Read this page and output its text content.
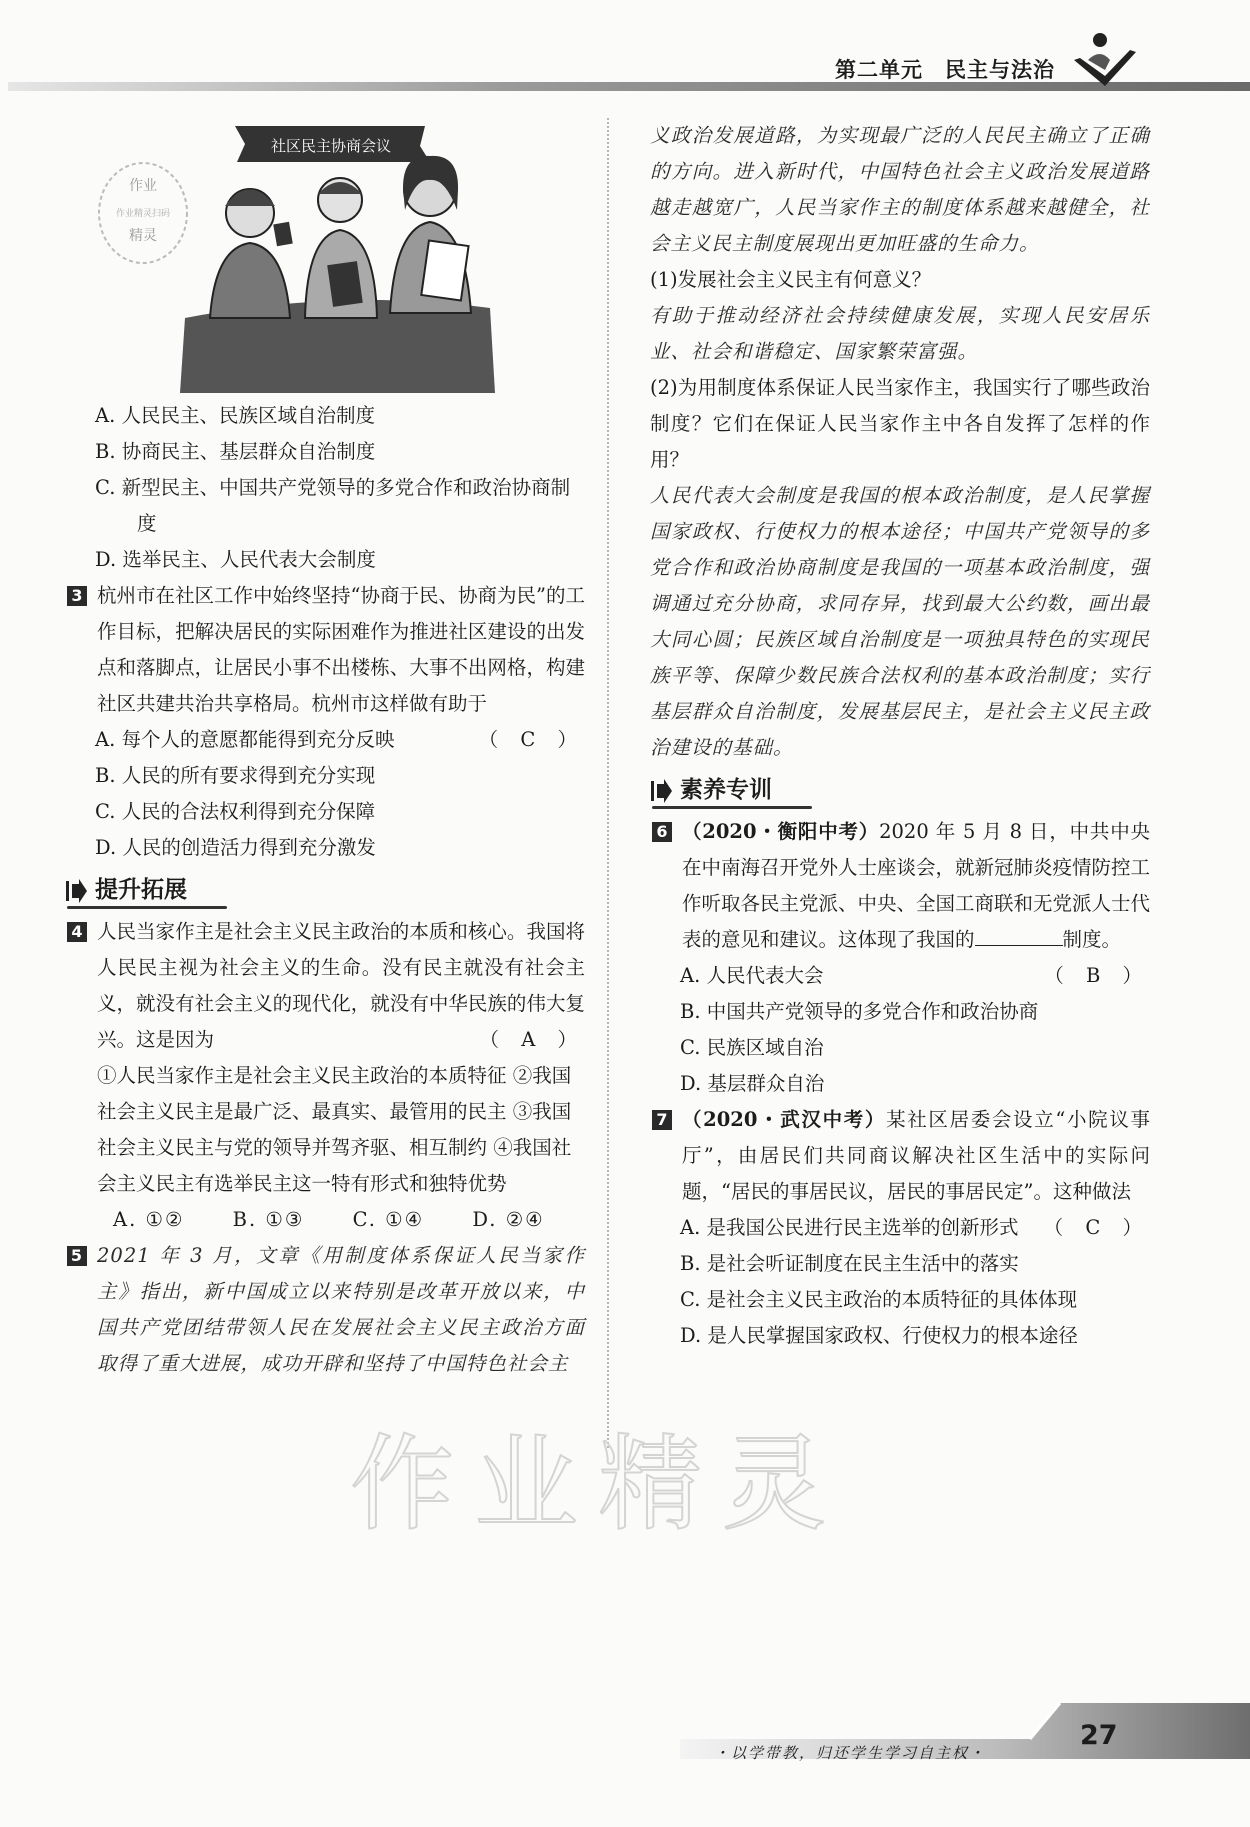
第二单元 民主与法治
社区民主协商会议
作业
作业精灵扫码
精灵
A. 人民民主、民族区域自治制度
B. 协商民主、基层群众自治制度
C. 新型民主、中国共产党领导的多党合作和政治协商制度
D. 选举民主、人民代表大会制度
3 杭州市在社区工作中始终坚持“协商于民、协商为民”的工作目标，把解决居民的实际困难作为推进社区建设的出发点和落脚点，让居民小事不出楼栋、大事不出网格，构建社区共建共治共享格局。杭州市这样做有助于
（ C ）
A. 每个人的意愿都能得到充分反映
B. 人民的所有要求得到充分实现
C. 人民的合法权利得到充分保障
D. 人民的创造活力得到充分激发
提升拓展
4 人民当家作主是社会主义民主政治的本质和核心。我国将人民民主视为社会主义的生命。没有民主就没有社会主义，就没有社会主义的现代化，就没有中华民族的伟大复兴。这是因为	（ A ）
①人民当家作主是社会主义民主政治的本质特征 ②我国社会主义民主是最广泛、最真实、最管用的民主 ③我国社会主义民主与党的领导并驾齐驱、相互制约 ④我国社会主义民主有选举民主这一特有形式和独特优势
A. ①② B. ①③ C. ①④ D. ②④
5 2021 年 3 月，文章《用制度体系保证人民当家作主》指出，新中国成立以来特别是改革开放以来，中国共产党团结带领人民在发展社会主义民主政治方面取得了重大进展，成功开辟和坚持了中国特色社会主
义政治发展道路，为实现最广泛的人民民主确立了正确的方向。进入新时代，中国特色社会主义政治发展道路越走越宽广，人民当家作主的制度体系越来越健全，社会主义民主制度展现出更加旺盛的生命力。
(1)发展社会主义民主有何意义？
有助于推动经济社会持续健康发展，实现人民安居乐业、社会和谐稳定、国家繁荣富强。
(2)为用制度体系保证人民当家作主，我国实行了哪些政治制度？它们在保证人民当家作主中各自发挥了怎样的作用？
人民代表大会制度是我国的根本政治制度，是人民掌握国家政权、行使权力的根本途径；中国共产党领导的多党合作和政治协商制度是我国的一项基本政治制度，强调通过充分协商，求同存异，找到最大公约数，画出最大同心圆；民族区域自治制度是一项独具特色的实现民族平等、保障少数民族合法权利的基本政治制度；实行基层群众自治制度，发展基层民主，是社会主义民主政治建设的基础。
素养专训
6 （2020・衡阳中考）2020 年 5 月 8 日，中共中央在中南海召开党外人士座谈会，就新冠肺炎疫情防控工作听取各民主党派、中央、全国工商联和无党派人士代表的意见和建议。这体现了我国的	制度。
（ B ）
A. 人民代表大会
B. 中国共产党领导的多党合作和政治协商
C. 民族区域自治
D. 基层群众自治
7 （2020・武汉中考）某社区居委会设立“小院议事厅”，由居民们共同商议解决社区生活中的实际问题，“居民的事居民议，居民的事居民定”。这种做法
（ C ）
A. 是我国公民进行民主选举的创新形式
B. 是社会听证制度在民主生活中的落实
C. 是社会主义民主政治的本质特征的具体体现
D. 是人民掌握国家政权、行使权力的根本途径
作业精灵
・以学带教，归还学生学习自主权・
27
